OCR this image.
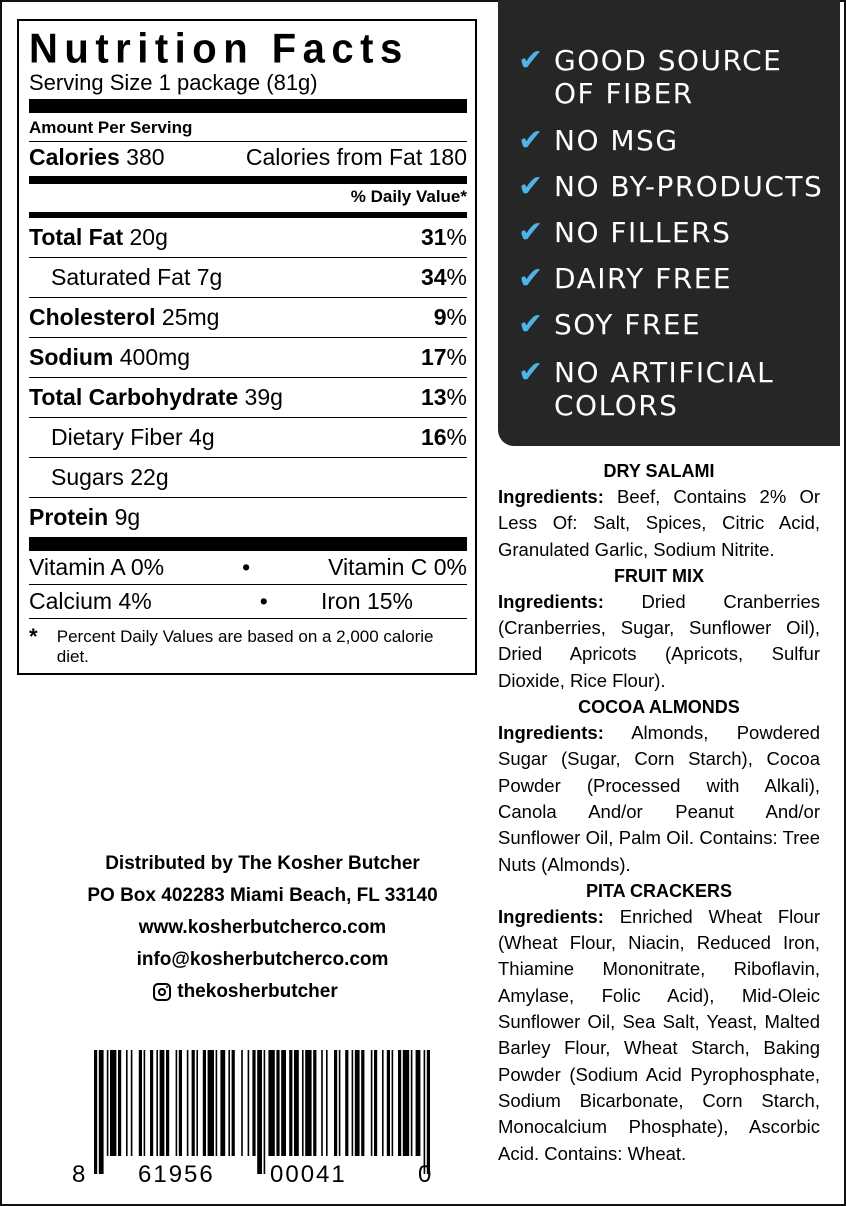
Nutrition Facts
Serving Size 1 package (81g)
Amount Per Serving
Calories 380	Calories from Fat 180
% Daily Value*
Total Fat 20g	31%
Saturated Fat 7g	34%
Cholesterol 25mg	9%
Sodium 400mg	17%
Total Carbohydrate 39g	13%
Dietary Fiber 4g	16%
Sugars 22g
Protein 9g
Vitamin A 0%	•	Vitamin C 0%
Calcium 4%	• Iron 15%
*	Percent Daily Values are based on a 2,000 calorie diet.
✔ GOOD SOURCE
OF FIBER
✔ NO MSG
✔ NO BY-PRODUCTS
✔ NO FILLERS
✔ DAIRY FREE
✔ SOY FREE
✔ NO ARTIFICIAL
COLORS
DRY SALAMI
Ingredients: Beef, Contains 2% Or Less Of: Salt, Spices, Citric Acid, Granulated Garlic, Sodium Nitrite.
FRUIT MIX
Ingredients: Dried Cranberries (Cranberries, Sugar, Sunflower Oil), Dried Apricots (Apricots, Sulfur Dioxide, Rice Flour).
COCOA ALMONDS
Ingredients: Almonds, Powdered Sugar (Sugar, Corn Starch), Cocoa Powder (Processed with Alkali), Canola And/or Peanut And/or Sunflower Oil, Palm Oil. Contains: Tree Nuts (Almonds).
PITA CRACKERS
Ingredients: Enriched Wheat Flour (Wheat Flour, Niacin, Reduced Iron, Thiamine Mononitrate, Riboflavin, Amylase, Folic Acid), Mid-Oleic Sunflower Oil, Sea Salt, Yeast, Malted Barley Flour, Wheat Starch, Baking Powder (Sodium Acid Pyrophosphate, Sodium Bicarbonate, Corn Starch, Monocalcium Phosphate), Ascorbic Acid. Contains: Wheat.
Distributed by The Kosher Butcher
PO Box 402283 Miami Beach, FL 33140
www.kosherbutcherco.com
info@kosherbutcherco.com
thekosherbutcher
8 61956 00041	0
